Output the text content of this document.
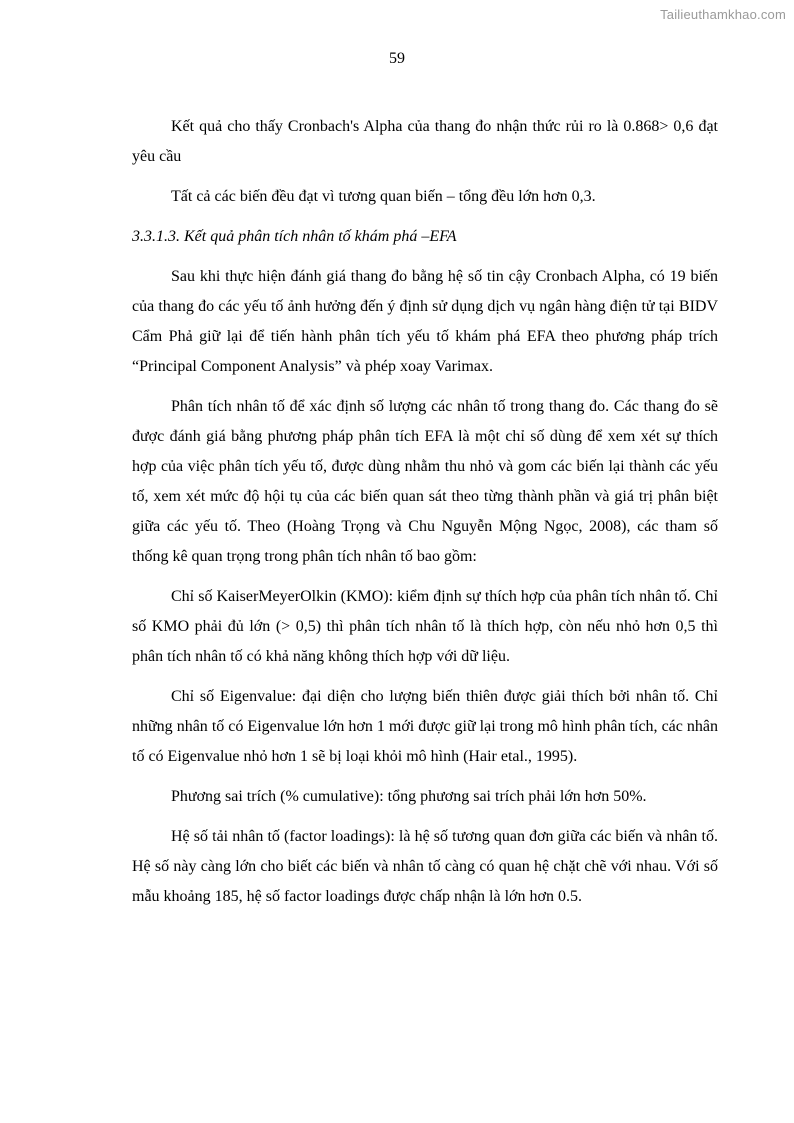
Tailieuthamkhao.com
59

Kết quả cho thấy Cronbach's Alpha của thang đo nhận thức rủi ro là 0.868> 0,6 đạt yêu cầu

Tất cả các biến đều đạt vì tương quan biến – tổng đều lớn hơn 0,3.

3.3.1.3. Kết quả phân tích nhân tố khám phá –EFA

Sau khi thực hiện đánh giá thang đo bằng hệ số tin cậy Cronbach Alpha, có 19 biến của thang đo các yếu tố ảnh hưởng đến ý định sử dụng dịch vụ ngân hàng điện tử tại BIDV Cẩm Phả giữ lại để tiến hành phân tích yếu tố khám phá EFA theo phương pháp trích “Principal Component Analysis” và phép xoay Varimax.

Phân tích nhân tố để xác định số lượng các nhân tố trong thang đo. Các thang đo sẽ được đánh giá bằng phương pháp phân tích EFA là một chỉ số dùng để xem xét sự thích hợp của việc phân tích yếu tố, được dùng nhằm thu nhỏ và gom các biến lại thành các yếu tố, xem xét mức độ hội tụ của các biến quan sát theo từng thành phần và giá trị phân biệt giữa các yếu tố. Theo (Hoàng Trọng và Chu Nguyễn Mộng Ngọc, 2008), các tham số thống kê quan trọng trong phân tích nhân tố bao gồm:

Chỉ số KaiserMeyerOlkin (KMO): kiểm định sự thích hợp của phân tích nhân tố. Chỉ số KMO phải đủ lớn (> 0,5) thì phân tích nhân tố là thích hợp, còn nếu nhỏ hơn 0,5 thì phân tích nhân tố có khả năng không thích hợp với dữ liệu.

Chỉ số Eigenvalue: đại diện cho lượng biến thiên được giải thích bởi nhân tố. Chỉ những nhân tố có Eigenvalue lớn hơn 1 mới được giữ lại trong mô hình phân tích, các nhân tố có Eigenvalue nhỏ hơn 1 sẽ bị loại khỏi mô hình (Hair etal., 1995).

Phương sai trích (% cumulative): tổng phương sai trích phải lớn hơn 50%.

Hệ số tải nhân tố (factor loadings): là hệ số tương quan đơn giữa các biến và nhân tố. Hệ số này càng lớn cho biết các biến và nhân tố càng có quan hệ chặt chẽ với nhau. Với số mẫu khoảng 185, hệ số factor loadings được chấp nhận là lớn hơn 0.5.
